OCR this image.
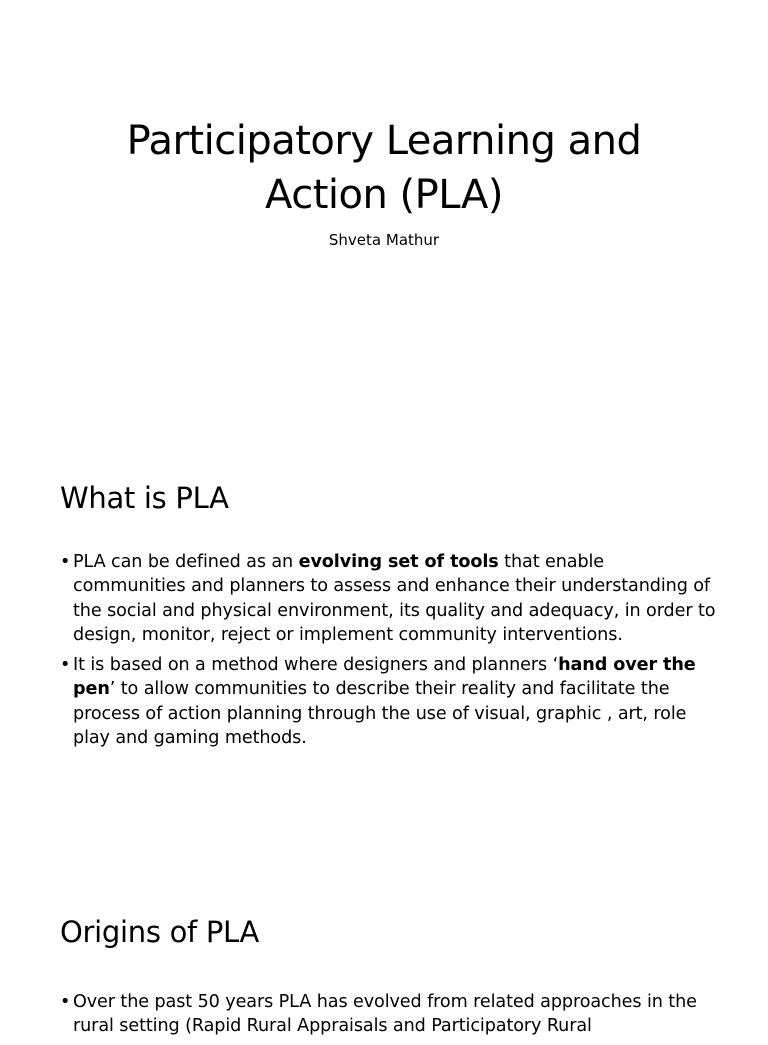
Participatory Learning and
Action (PLA)
Shveta Mathur
What is PLA
• PLA can be defined as an evolving set of tools that enable communities and planners to assess and enhance their understanding of the social and physical environment, its quality and adequacy, in order to design, monitor, reject or implement community interventions.
• It is based on a method where designers and planners ‘hand over the pen’ to allow communities to describe their reality and facilitate the process of action planning through the use of visual, graphic , art, role play and gaming methods.
Origins of PLA
• Over the past 50 years PLA has evolved from related approaches in the rural setting (Rapid Rural Appraisals and Participatory Rural
